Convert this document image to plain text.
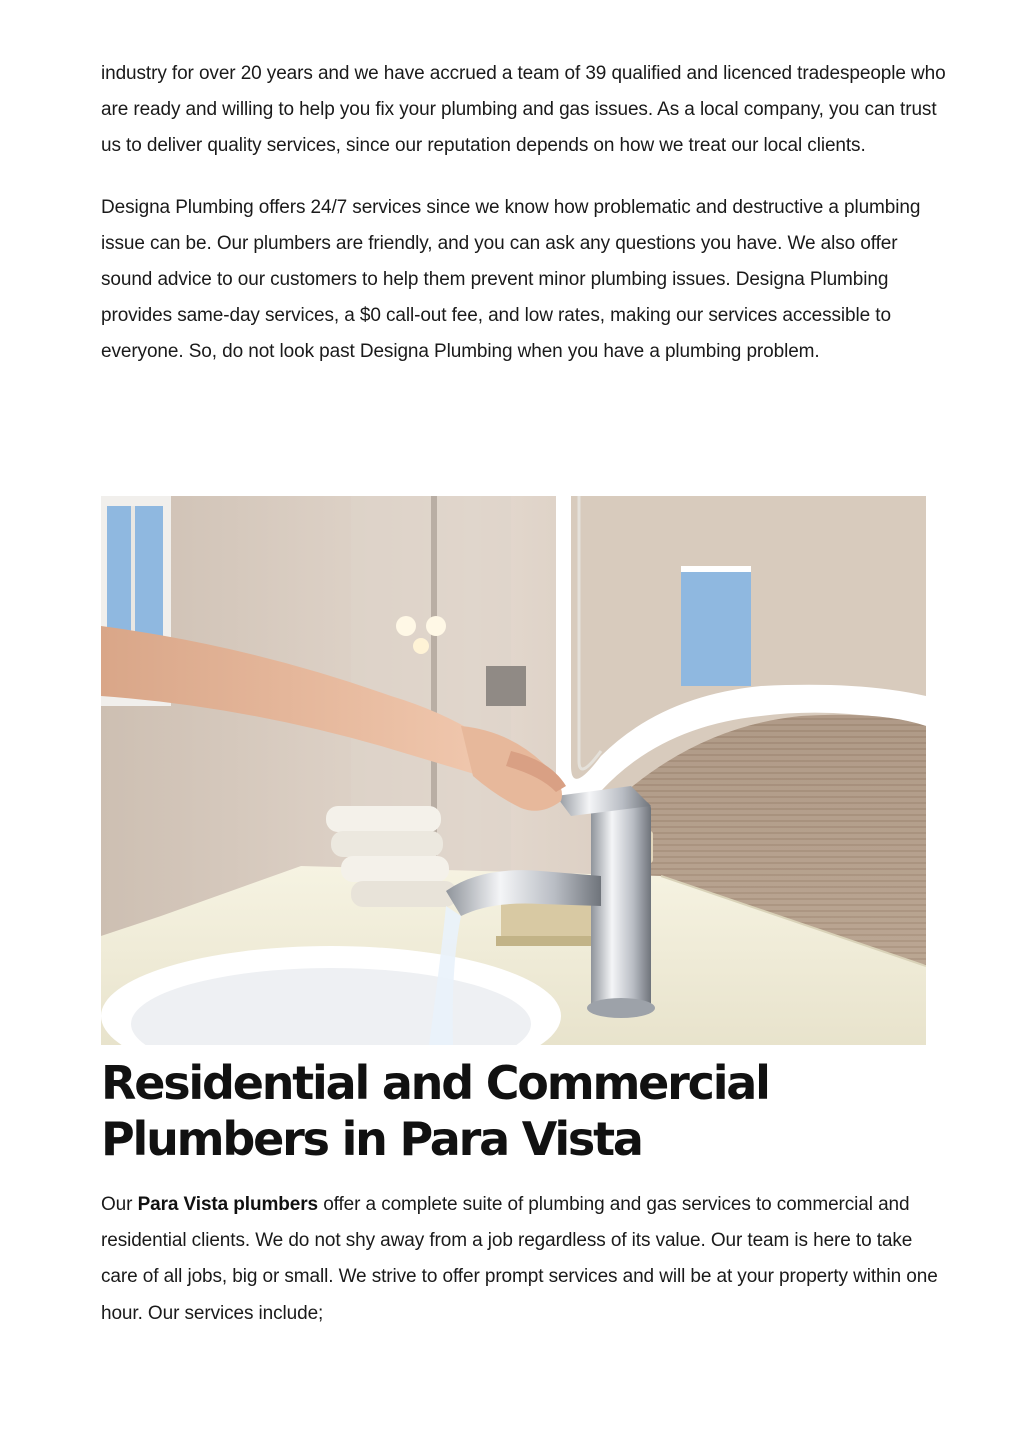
industry for over 20 years and we have accrued a team of 39 qualified and licenced tradespeople who are ready and willing to help you fix your plumbing and gas issues. As a local company, you can trust us to deliver quality services, since our reputation depends on how we treat our local clients.

Designa Plumbing offers 24/7 services since we know how problematic and destructive a plumbing issue can be. Our plumbers are friendly, and you can ask any questions you have. We also offer sound advice to our customers to help them prevent minor plumbing issues. Designa Plumbing provides same-day services, a $0 call-out fee, and low rates, making our services accessible to everyone. So, do not look past Designa Plumbing when you have a plumbing problem.

Residential and Commercial Plumbers in Para Vista

Our Para Vista plumbers offer a complete suite of plumbing and gas services to commercial and residential clients. We do not shy away from a job regardless of its value. Our team is here to take care of all jobs, big or small. We strive to offer prompt services and will be at your property within one hour. Our services include;
